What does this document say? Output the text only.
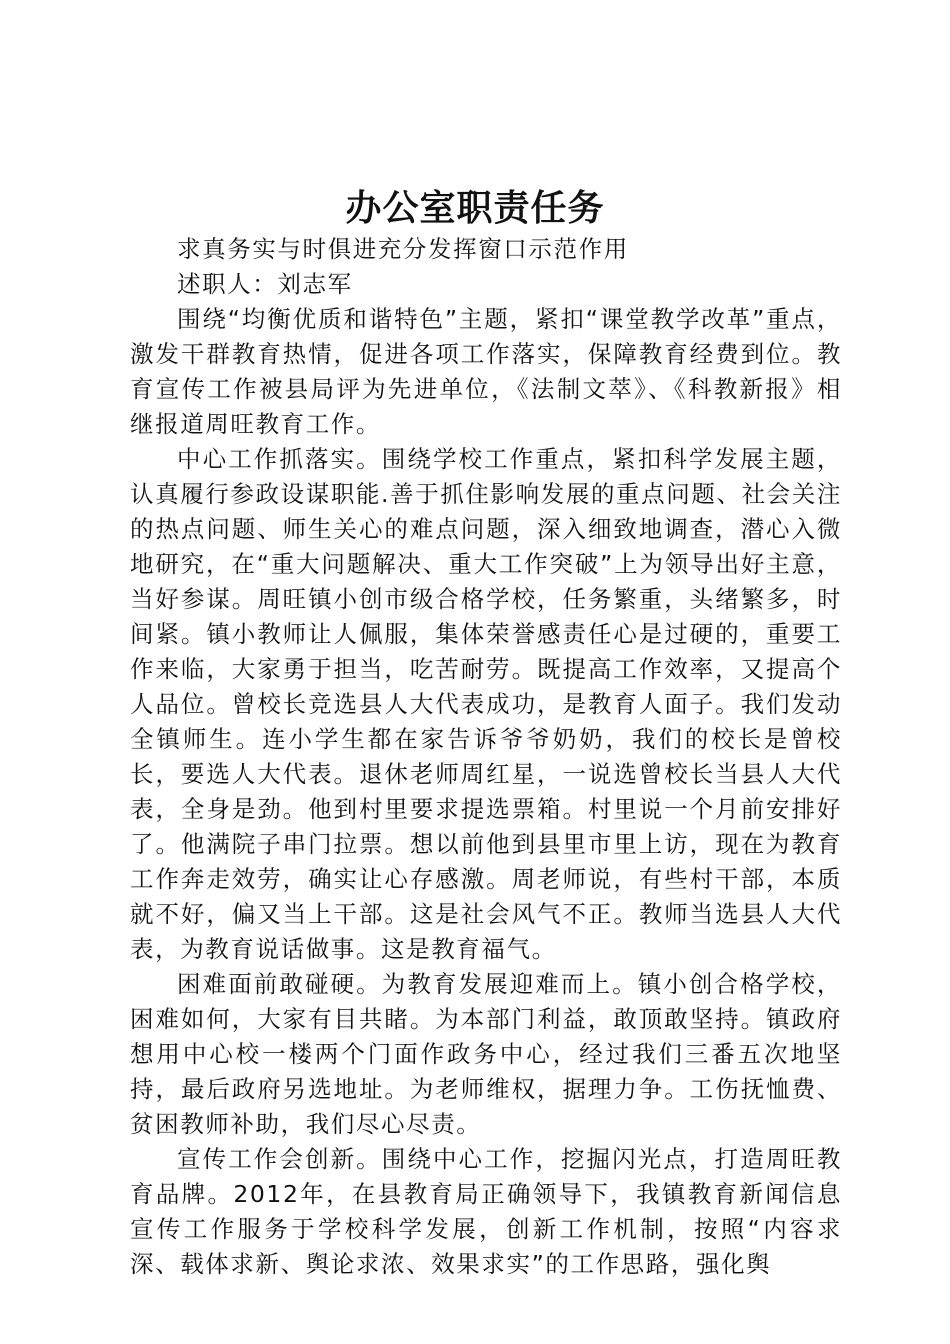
办公室职责任务

求真务实与时俱进充分发挥窗口示范作用

述职人：刘志军

围绕“均衡优质和谐特色”主题，紧扣“课堂教学改革”重点，激发干群教育热情，促进各项工作落实，保障教育经费到位。教育宣传工作被县局评为先进单位，《法制文萃》、《科教新报》相继报道周旺教育工作。

中心工作抓落实。围绕学校工作重点，紧扣科学发展主题，认真履行参政设谋职能.善于抓住影响发展的重点问题、社会关注的热点问题、师生关心的难点问题，深入细致地调查，潜心入微地研究，在“重大问题解决、重大工作突破”上为领导出好主意，当好参谋。周旺镇小创市级合格学校，任务繁重，头绪繁多，时间紧。镇小教师让人佩服，集体荣誉感责任心是过硬的，重要工作来临，大家勇于担当，吃苦耐劳。既提高工作效率，又提高个人品位。曾校长竞选县人大代表成功，是教育人面子。我们发动全镇师生。连小学生都在家告诉爷爷奶奶，我们的校长是曾校长，要选人大代表。退休老师周红星，一说选曾校长当县人大代表，全身是劲。他到村里要求提选票箱。村里说一个月前安排好了。他满院子串门拉票。想以前他到县里市里上访，现在为教育工作奔走效劳，确实让心存感激。周老师说，有些村干部，本质就不好，偏又当上干部。这是社会风气不正。教师当选县人大代表，为教育说话做事。这是教育福气。

困难面前敢碰硬。为教育发展迎难而上。镇小创合格学校，困难如何，大家有目共睹。为本部门利益，敢顶敢坚持。镇政府想用中心校一楼两个门面作政务中心，经过我们三番五次地坚持，最后政府另选地址。为老师维权，据理力争。工伤抚恤费、贫困教师补助，我们尽心尽责。

宣传工作会创新。围绕中心工作，挖掘闪光点，打造周旺教育品牌。2012年，在县教育局正确领导下，我镇教育新闻信息宣传工作服务于学校科学发展，创新工作机制，按照“内容求深、载体求新、舆论求浓、效果求实”的工作思路，强化舆
